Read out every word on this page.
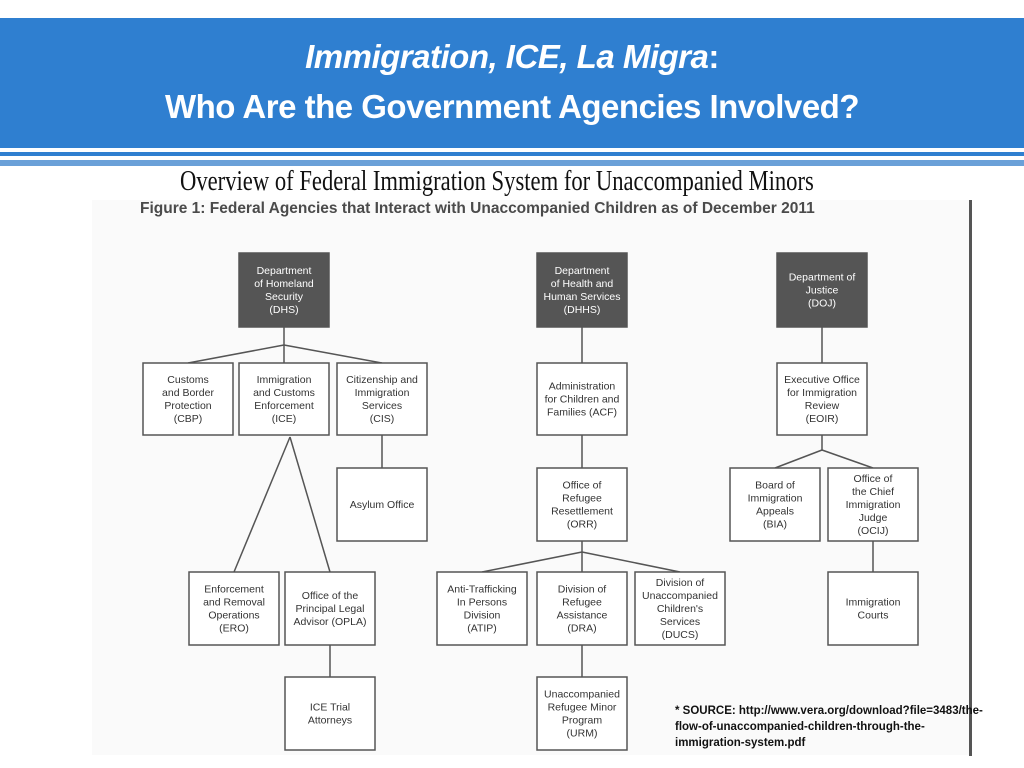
Immigration, ICE, La Migra:
Who Are the Government Agencies Involved?
Overview of Federal Immigration System for Unaccompanied Minors
Figure 1: Federal Agencies that Interact with Unaccompanied Children as of December 2011
Department
of Homeland
Security
(DHS)
Department
of Health and
Human Services
(DHHS)
Department of
Justice
(DOJ)
Customs
and Border
Protection
(CBP)
Immigration
and Customs
Enforcement
(ICE)
Citizenship and
Immigration
Services
(CIS)
Asylum Office
Enforcement
and Removal
Operations
(ERO)
Office of the
Principal Legal
Advisor (OPLA)
ICE Trial
Attorneys
Administration
for Children and
Families (ACF)
Office of
Refugee
Resettlement
(ORR)
Anti-Trafficking
In Persons
Division
(ATIP)
Division of
Refugee
Assistance
(DRA)
Division of
Unaccompanied
Children's
Services
(DUCS)
Unaccompanied
Refugee Minor
Program
(URM)
Executive Office
for Immigration
Review
(EOIR)
Board of
Immigration
Appeals
(BIA)
Office of
the Chief
Immigration
Judge
(OCIJ)
Immigration
Courts
* SOURCE: http://www.vera.org/download?file=3483/the-
flow-of-unaccompanied-children-through-the-
immigration-system.pdf
